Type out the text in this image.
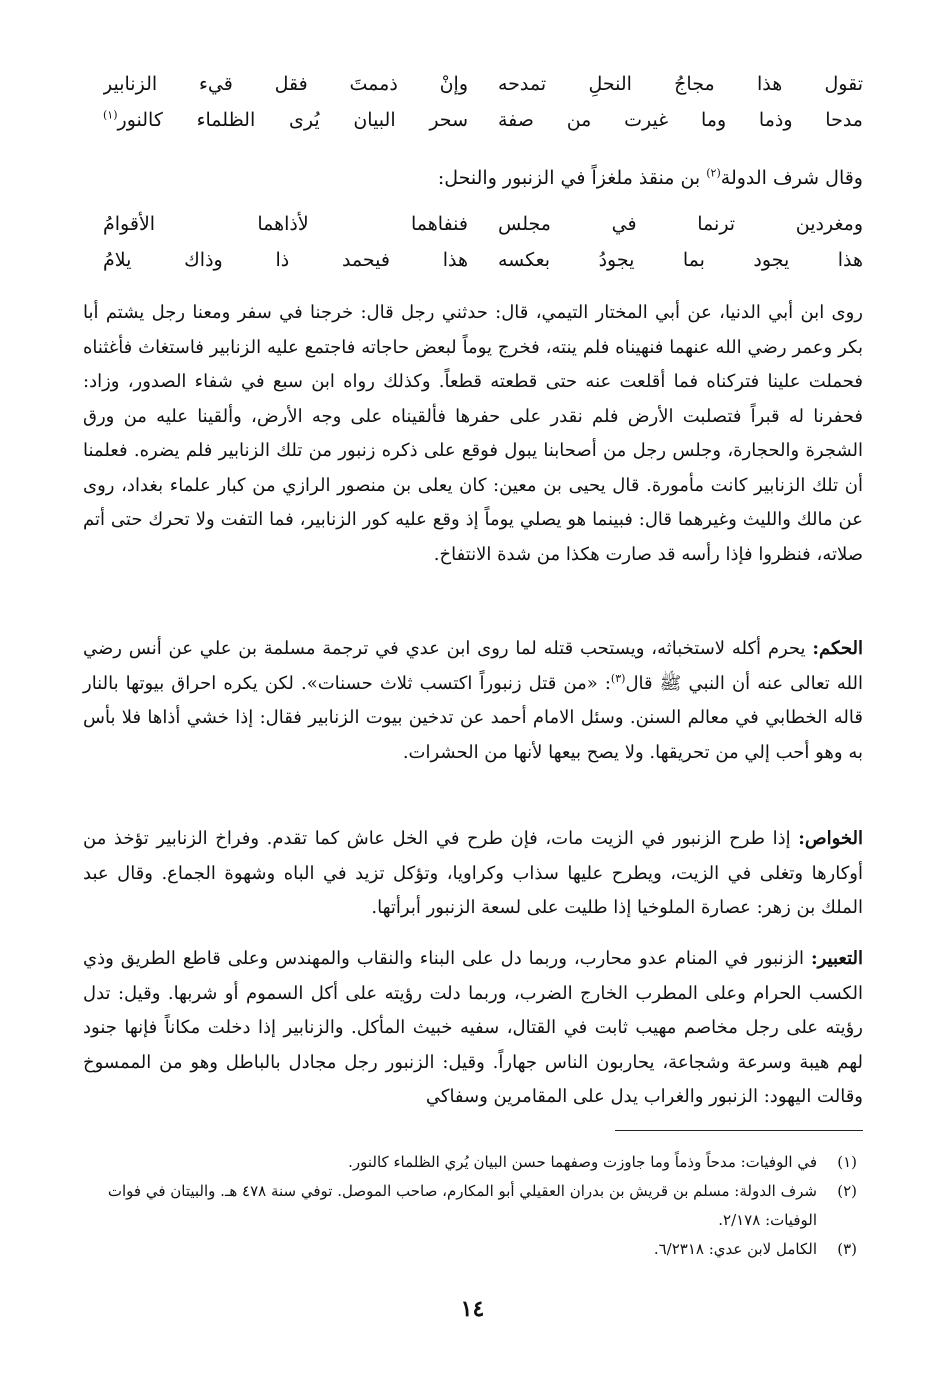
تقول هذا مجاجُ النحلِ تمدحه
وإنْ ذممتَ فقل قيء الزنابير
مدحا وذما وما غيرت من صفة
سحر البيان يُرى الظلماء كالنور$^{(١)}$
وقال شرف الدولة$^{(٢)}$ بن منقذ ملغزاً في الزنبور والنحل:
ومغردين ترنما في مجلس
فنفاهما لأذاهما الأقوامُ
هذا يجود بما يجودُ بعكسه
هذا فيحمد ذا وذاك يلامُ

روى ابن أبي الدنيا، عن أبي المختار التيمي، قال: حدثني رجل قال: خرجنا في سفر ومعنا رجل يشتم أبا بكر وعمر رضي الله عنهما فنهيناه فلم ينته، فخرج يوماً لبعض حاجاته فاجتمع عليه الزنابير فاستغاث فأغثناه فحملت علينا فتركناه فما أقلعت عنه حتى قطعته قطعاً. وكذلك رواه ابن سبع في شفاء الصدور، وزاد: فحفرنا له قبراً فتصلبت الأرض فلم نقدر على حفرها فألقيناه على وجه الأرض، وألقينا عليه من ورق الشجرة والحجارة، وجلس رجل من أصحابنا يبول فوقع على ذكره زنبور من تلك الزنابير فلم يضره. فعلمنا أن تلك الزنابير كانت مأمورة. قال يحيى بن معين: كان يعلى بن منصور الرازي من كبار علماء بغداد، روى عن مالك والليث وغيرهما قال: فبينما هو يصلي يوماً إذ وقع عليه كور الزنابير، فما التفت ولا تحرك حتى أتم صلاته، فنظروا فإذا رأسه قد صارت هكذا من شدة الانتفاخ.

الحكم: يحرم أكله لاستخباثه، ويستحب قتله لما روى ابن عدي في ترجمة مسلمة بن علي عن أنس رضي الله تعالى عنه أن النبي ﷺ قال$^{(٣)}$: «من قتل زنبوراً اكتسب ثلاث حسنات». لكن يكره احراق بيوتها بالنار قاله الخطابي في معالم السنن. وسئل الامام أحمد عن تدخين بيوت الزنابير فقال: إذا خشي أذاها فلا بأس به وهو أحب إلي من تحريقها. ولا يصح بيعها لأنها من الحشرات.

الخواص: إذا طرح الزنبور في الزيت مات، فإن طرح في الخل عاش كما تقدم. وفراخ الزنابير تؤخذ من أوكارها وتغلى في الزيت، ويطرح عليها سذاب وكراويا، وتؤكل تزيد في الباه وشهوة الجماع. وقال عبد الملك بن زهر: عصارة الملوخيا إذا طليت على لسعة الزنبور أبرأتها.

التعبير: الزنبور في المنام عدو محارب، وربما دل على البناء والنقاب والمهندس وعلى قاطع الطريق وذي الكسب الحرام وعلى المطرب الخارج الضرب، وربما دلت رؤيته على أكل السموم أو شربها. وقيل: تدل رؤيته على رجل مخاصم مهيب ثابت في القتال، سفيه خبيث المأكل. والزنابير إذا دخلت مكاناً فإنها جنود لهم هيبة وسرعة وشجاعة، يحاربون الناس جهاراً. وقيل: الزنبور رجل مجادل بالباطل وهو من الممسوخ وقالت اليهود: الزنبور والغراب يدل على المقامرين وسفاكي

(١)
في الوفيات: مدحاً وذماً وما جاوزت وصفهما حسن البيان يُري الظلماء كالنور.
(٢)
شرف الدولة: مسلم بن قريش بن بدران العقيلي أبو المكارم، صاحب الموصل. توفي سنة ٤٧٨ هـ. والبيتان في فوات الوفيات: ٢/١٧٨.
(٣)
الكامل لابن عدي: ٦/٢٣١٨.
١٤
